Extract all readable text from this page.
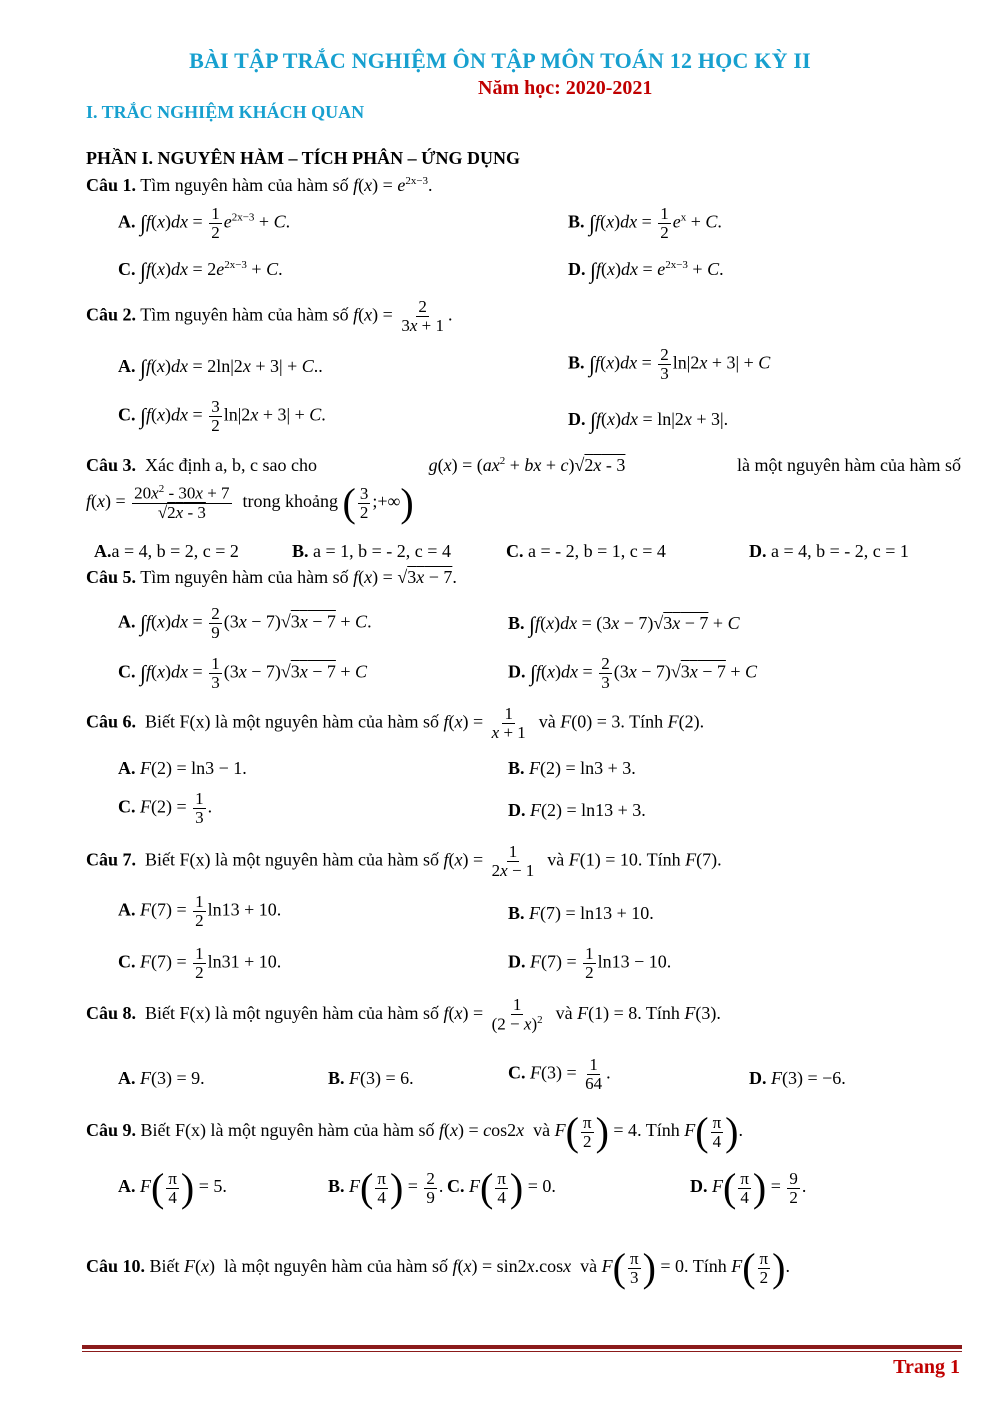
BÀI TẬP TRẮC NGHIỆM ÔN TẬP MÔN TOÁN 12 HỌC KỲ II
Năm học: 2020-2021
I. TRẮC NGHIỆM KHÁCH QUAN
PHẦN I. NGUYÊN HÀM – TÍCH PHÂN – ỨNG DỤNG
Câu 1. Tìm nguyên hàm của hàm số $f(x) = e^{2x-3}$.
A. $\int f(x)dx = \frac{1}{2} e^{2x-3} + C$.	B. $\int f(x)dx = \frac{1}{2} e^x + C$.
C. $\int f(x)dx = 2e^{2x-3} + C$.	D. $\int f(x)dx = e^{2x-3} + C$.
Câu 2. Tìm nguyên hàm của hàm số $f(x) = \frac{2}{3x + 1}$ .
A. ∫f(x)dx = 2ln|2x + 3| + C..	B. $\int f(x)dx = \frac{2}{3} \ln|2x + 3| + C$
C. $\int f(x)dx = \frac{3}{2} \ln|2x + 3| + C$.	D. ∫f(x)dx = ln|2x + 3|.
Câu 3. Xác định a, b, c sao cho	$g(x) = (ax^2$ + bx + c)√2x - 3	là một nguyên hàm của hàm số
$f(x) = \frac{20x^2 - 30x + 7}{√2x - 3}$ trong khoảng ( $\frac{3}{2}$ ;+∞)
A.a = 4, b = 2, c = 2	B. a = 1, b = - 2, c = 4	C. a = - 2, b = 1, c = 4	D. a = 4, b = - 2, c = 1
Câu 5. Tìm nguyên hàm của hàm số f(x) = √3x − 7.
A. $\int f(x)dx = \frac{2}{9} (3x - 7)√3x - 7 + C$.	B. ∫f(x)dx = (3x − 7)√3x − 7 + C
C. $\int f(x)dx = \frac{1}{3} (3x - 7)√3x - 7 + C$	D. $\int f(x)dx = \frac{2}{3} (3x - 7)√3x - 7 + C$
Câu 6. Biết F(x) là một nguyên hàm của hàm số $f(x) = \frac{1}{x + 1}$ và F(0) = 3. Tính F(2).
A. F(2) = ln3 − 1.	B. F(2) = ln3 + 3.
C. $F(2) = \frac{1}{3}$ .	D. F(2) = ln13 + 3.
Câu 7. Biết F(x) là một nguyên hàm của hàm số $f(x) = \frac{1}{2x - 1}$ và F(1) = 10. Tính F(7).
A. $F(7) = \frac{1}{2} \ln 13 + 10$.	B. F(7) = ln13 + 10.
C. $F(7) = \frac{1}{2} \ln 31 + 10$.	D. $F(7) = \frac{1}{2} \ln 13 - 10$.
Câu 8. Biết F(x) là một nguyên hàm của hàm số $f(x) = \frac{1}{(2 - x)^2}$ và F(1) = 8. Tính F(3).
A. F(3) = 9.	B. F(3) = 6.	C. $F(3) = \frac{1}{64}$ .	D. F(3) = −6.
Câu 9. Biết F(x) là một nguyên hàm của hàm số f(x) = cos2x và $F( \frac{\pi}{2}$ ) = 4. Tính $F( \frac{\pi}{4}$ ).
A. $F( \frac{\pi}{4}$ ) = 5.	B. $F( \frac{\pi}{4}$ ) = $\frac{2}{9}$ . C. $F( \frac{\pi}{4}$ ) = 0.	D. $F( \frac{\pi}{4}$ ) = $\frac{9}{2}$ .
Câu 10. Biết F(x)  là một nguyên hàm của hàm số f(x) = sin2x.cosx và $F( \frac{\pi}{3}$ ) = 0. Tính $F( \frac{\pi}{2}$ ).
Trang 1
